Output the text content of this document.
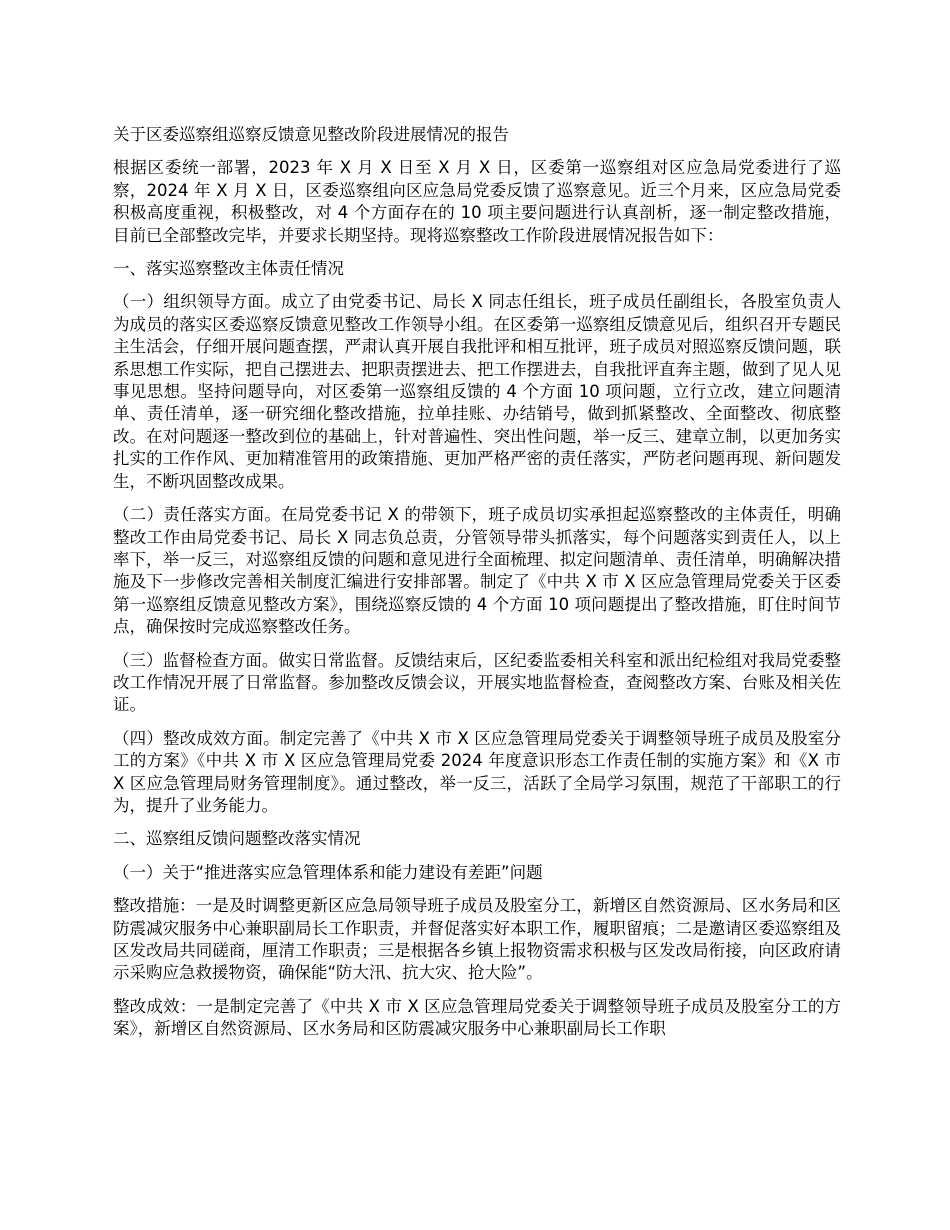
关于区委巡察组巡察反馈意见整改阶段进展情况的报告

根据区委统一部署，2023 年 X 月 X 日至 X 月 X 日，区委第一巡察组对区应急局党委进行了巡察，2024 年 X 月 X 日，区委巡察组向区应急局党委反馈了巡察意见。近三个月来，区应急局党委积极高度重视，积极整改，对 4 个方面存在的 10 项主要问题进行认真剖析，逐一制定整改措施，目前已全部整改完毕，并要求长期坚持。现将巡察整改工作阶段进展情况报告如下：

一、落实巡察整改主体责任情况

（一）组织领导方面。成立了由党委书记、局长 X 同志任组长，班子成员任副组长，各股室负责人为成员的落实区委巡察反馈意见整改工作领导小组。在区委第一巡察组反馈意见后，组织召开专题民主生活会，仔细开展问题查摆，严肃认真开展自我批评和相互批评，班子成员对照巡察反馈问题，联系思想工作实际，把自己摆进去、把职责摆进去、把工作摆进去，自我批评直奔主题，做到了见人见事见思想。坚持问题导向，对区委第一巡察组反馈的 4 个方面 10 项问题，立行立改，建立问题清单、责任清单，逐一研究细化整改措施，拉单挂账、办结销号，做到抓紧整改、全面整改、彻底整改。在对问题逐一整改到位的基础上，针对普遍性、突出性问题，举一反三、建章立制，以更加务实扎实的工作作风、更加精准管用的政策措施、更加严格严密的责任落实，严防老问题再现、新问题发生，不断巩固整改成果。

（二）责任落实方面。在局党委书记 X 的带领下，班子成员切实承担起巡察整改的主体责任，明确整改工作由局党委书记、局长 X 同志负总责，分管领导带头抓落实，每个问题落实到责任人，以上率下，举一反三，对巡察组反馈的问题和意见进行全面梳理、拟定问题清单、责任清单，明确解决措施及下一步修改完善相关制度汇编进行安排部署。制定了《中共 X 市 X 区应急管理局党委关于区委第一巡察组反馈意见整改方案》，围绕巡察反馈的 4 个方面 10 项问题提出了整改措施，盯住时间节点，确保按时完成巡察整改任务。

（三）监督检查方面。做实日常监督。反馈结束后，区纪委监委相关科室和派出纪检组对我局党委整改工作情况开展了日常监督。参加整改反馈会议，开展实地监督检查，查阅整改方案、台账及相关佐证。

（四）整改成效方面。制定完善了《中共 X 市 X 区应急管理局党委关于调整领导班子成员及股室分工的方案》《中共 X 市 X 区应急管理局党委 2024 年度意识形态工作责任制的实施方案》和《X 市 X 区应急管理局财务管理制度》。通过整改，举一反三，活跃了全局学习氛围，规范了干部职工的行为，提升了业务能力。

二、巡察组反馈问题整改落实情况

（一）关于“推进落实应急管理体系和能力建设有差距”问题

整改措施：一是及时调整更新区应急局领导班子成员及股室分工，新增区自然资源局、区水务局和区防震减灾服务中心兼职副局长工作职责，并督促落实好本职工作，履职留痕；二是邀请区委巡察组及区发改局共同磋商，厘清工作职责；三是根据各乡镇上报物资需求积极与区发改局衔接，向区政府请示采购应急救援物资，确保能“防大汛、抗大灾、抢大险”。

整改成效：一是制定完善了《中共 X 市 X 区应急管理局党委关于调整领导班子成员及股室分工的方案》，新增区自然资源局、区水务局和区防震减灾服务中心兼职副局长工作职
